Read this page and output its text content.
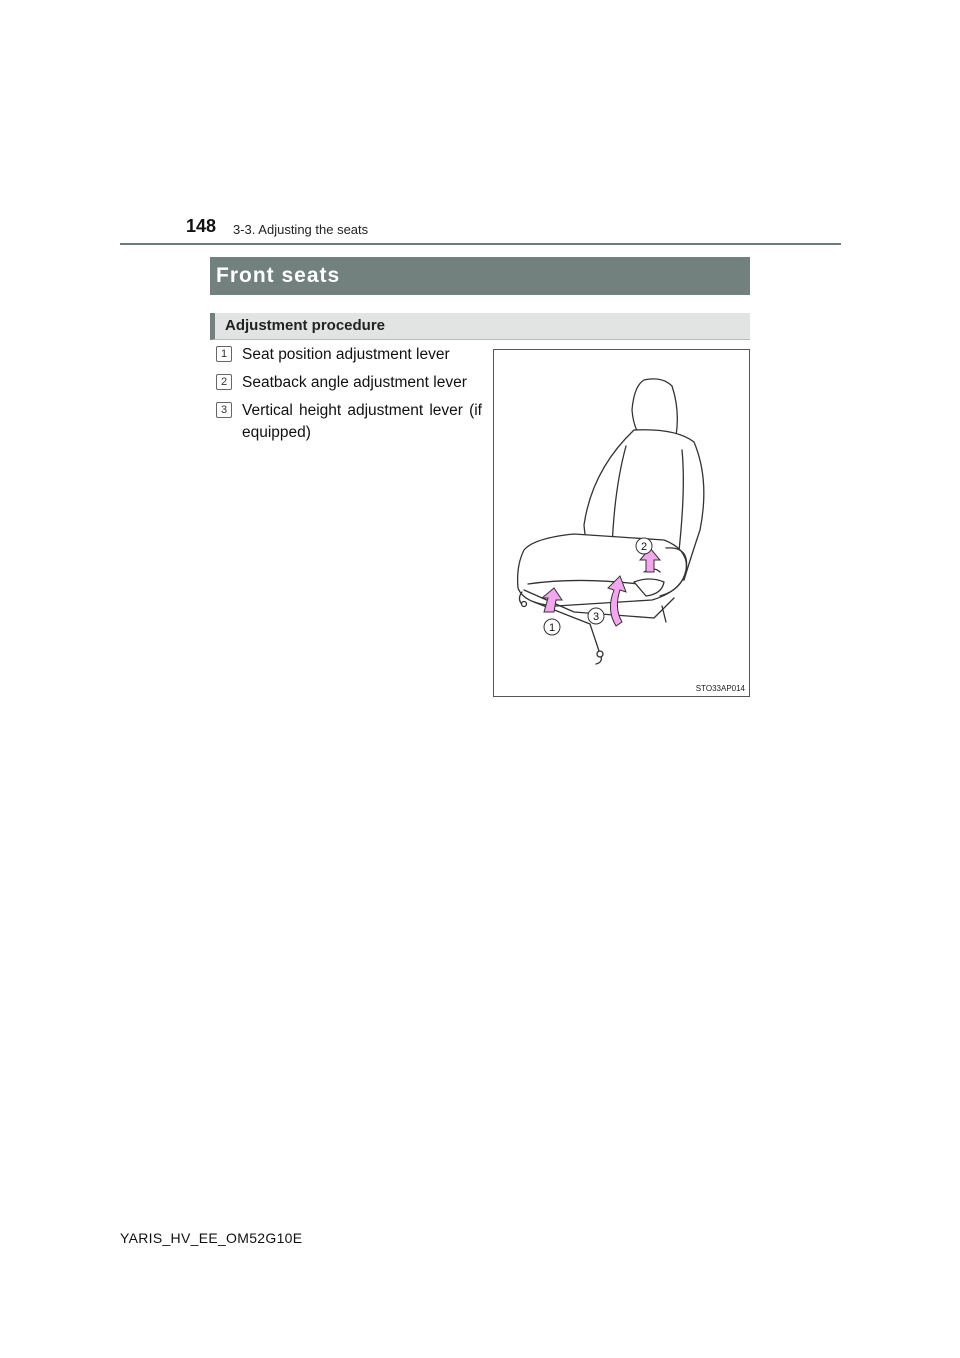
148 3-3. Adjusting the seats
Front seats
Adjustment procedure
1 Seat position adjustment lever
2 Seatback angle adjustment lever
3 Vertical height adjustment lever (if equipped)
1
2
3
STO33AP014
YARIS_HV_EE_OM52G10E
